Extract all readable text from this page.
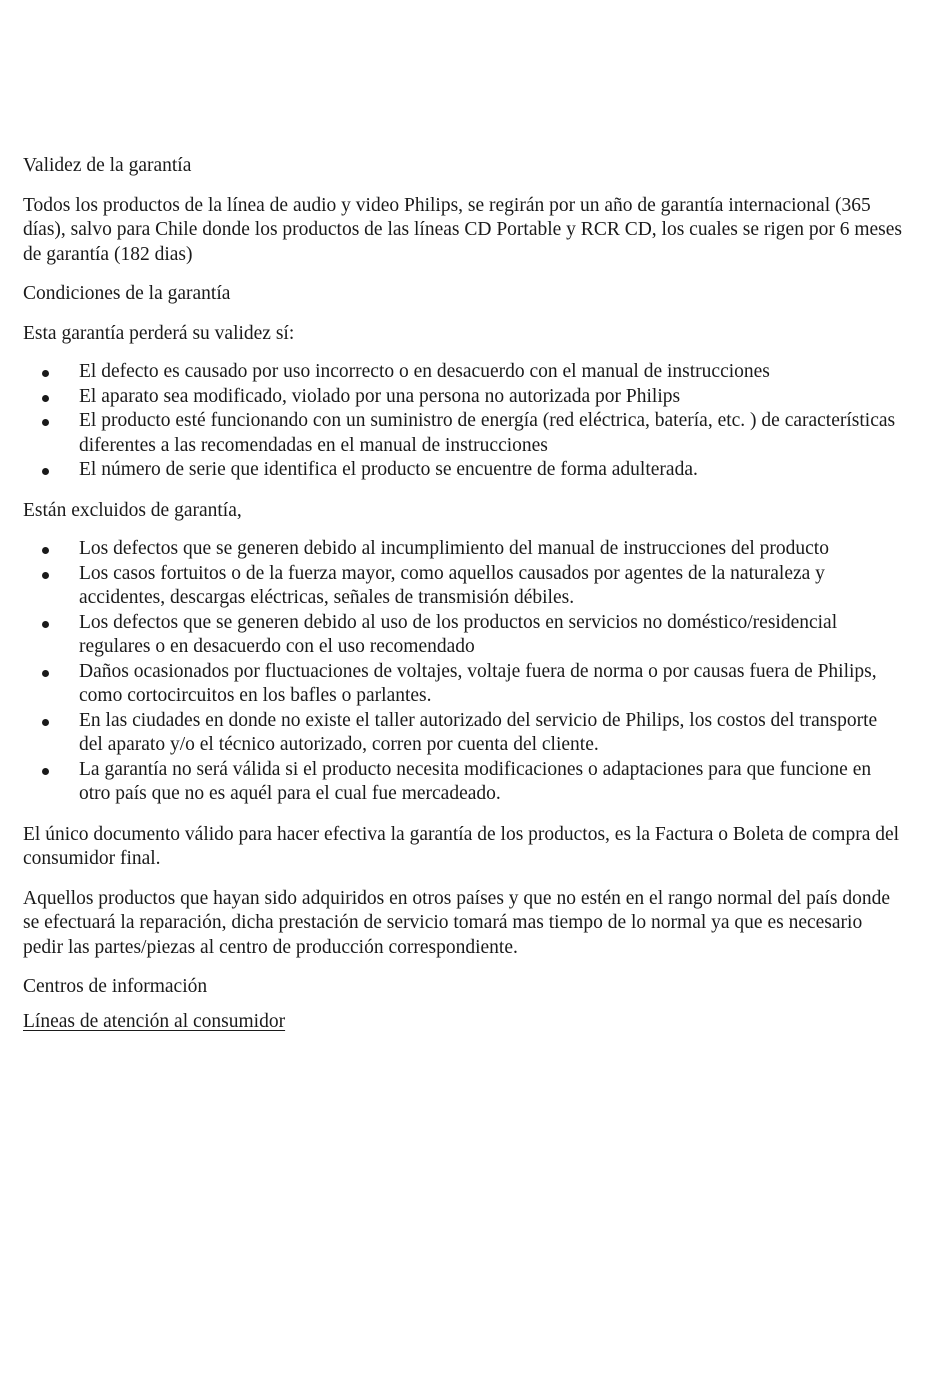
Validez de la garantía

Todos los productos de la línea de audio y video Philips, se regirán por un año de garantía internacional (365 días), salvo para Chile donde los productos de las líneas CD Portable y RCR CD, los cuales se rigen por 6 meses de garantía (182 dias)

Condiciones de la garantía

Esta garantía perderá su validez sí:

El defecto es causado por uso incorrecto o en desacuerdo con el manual de instrucciones
El aparato sea modificado, violado por una persona no autorizada por Philips
El producto esté funcionando con un suministro de energía (red eléctrica, batería, etc. ) de características diferentes a las recomendadas en el manual de instrucciones
El número de serie que identifica el producto se encuentre de forma adulterada.

Están excluidos de garantía,

Los defectos que se generen debido al incumplimiento del manual de instrucciones del producto
Los casos fortuitos o de la fuerza mayor, como aquellos causados por agentes de la naturaleza y accidentes, descargas eléctricas, señales de transmisión débiles.
Los defectos que se generen debido al uso de los productos en servicios no doméstico/residencial regulares o en desacuerdo con el uso recomendado
Daños ocasionados por fluctuaciones de voltajes, voltaje fuera de norma o por causas fuera de Philips, como cortocircuitos en los bafles o parlantes.
En las ciudades en donde no existe el taller autorizado del servicio de Philips, los costos del transporte del aparato y/o el técnico autorizado, corren por cuenta del cliente.
La garantía no será válida si el producto necesita modificaciones o adaptaciones para que funcione en otro país que no es aquél para el cual fue mercadeado.

El único documento válido para hacer efectiva la garantía de los productos, es la Factura o Boleta de compra del consumidor final.

Aquellos productos que hayan sido adquiridos en otros países y que no estén en el rango normal del país donde se efectuará la reparación, dicha prestación de servicio tomará mas tiempo de lo normal ya que es necesario pedir las partes/piezas al centro de producción correspondiente.

Centros de información

Líneas de atención al consumidor
